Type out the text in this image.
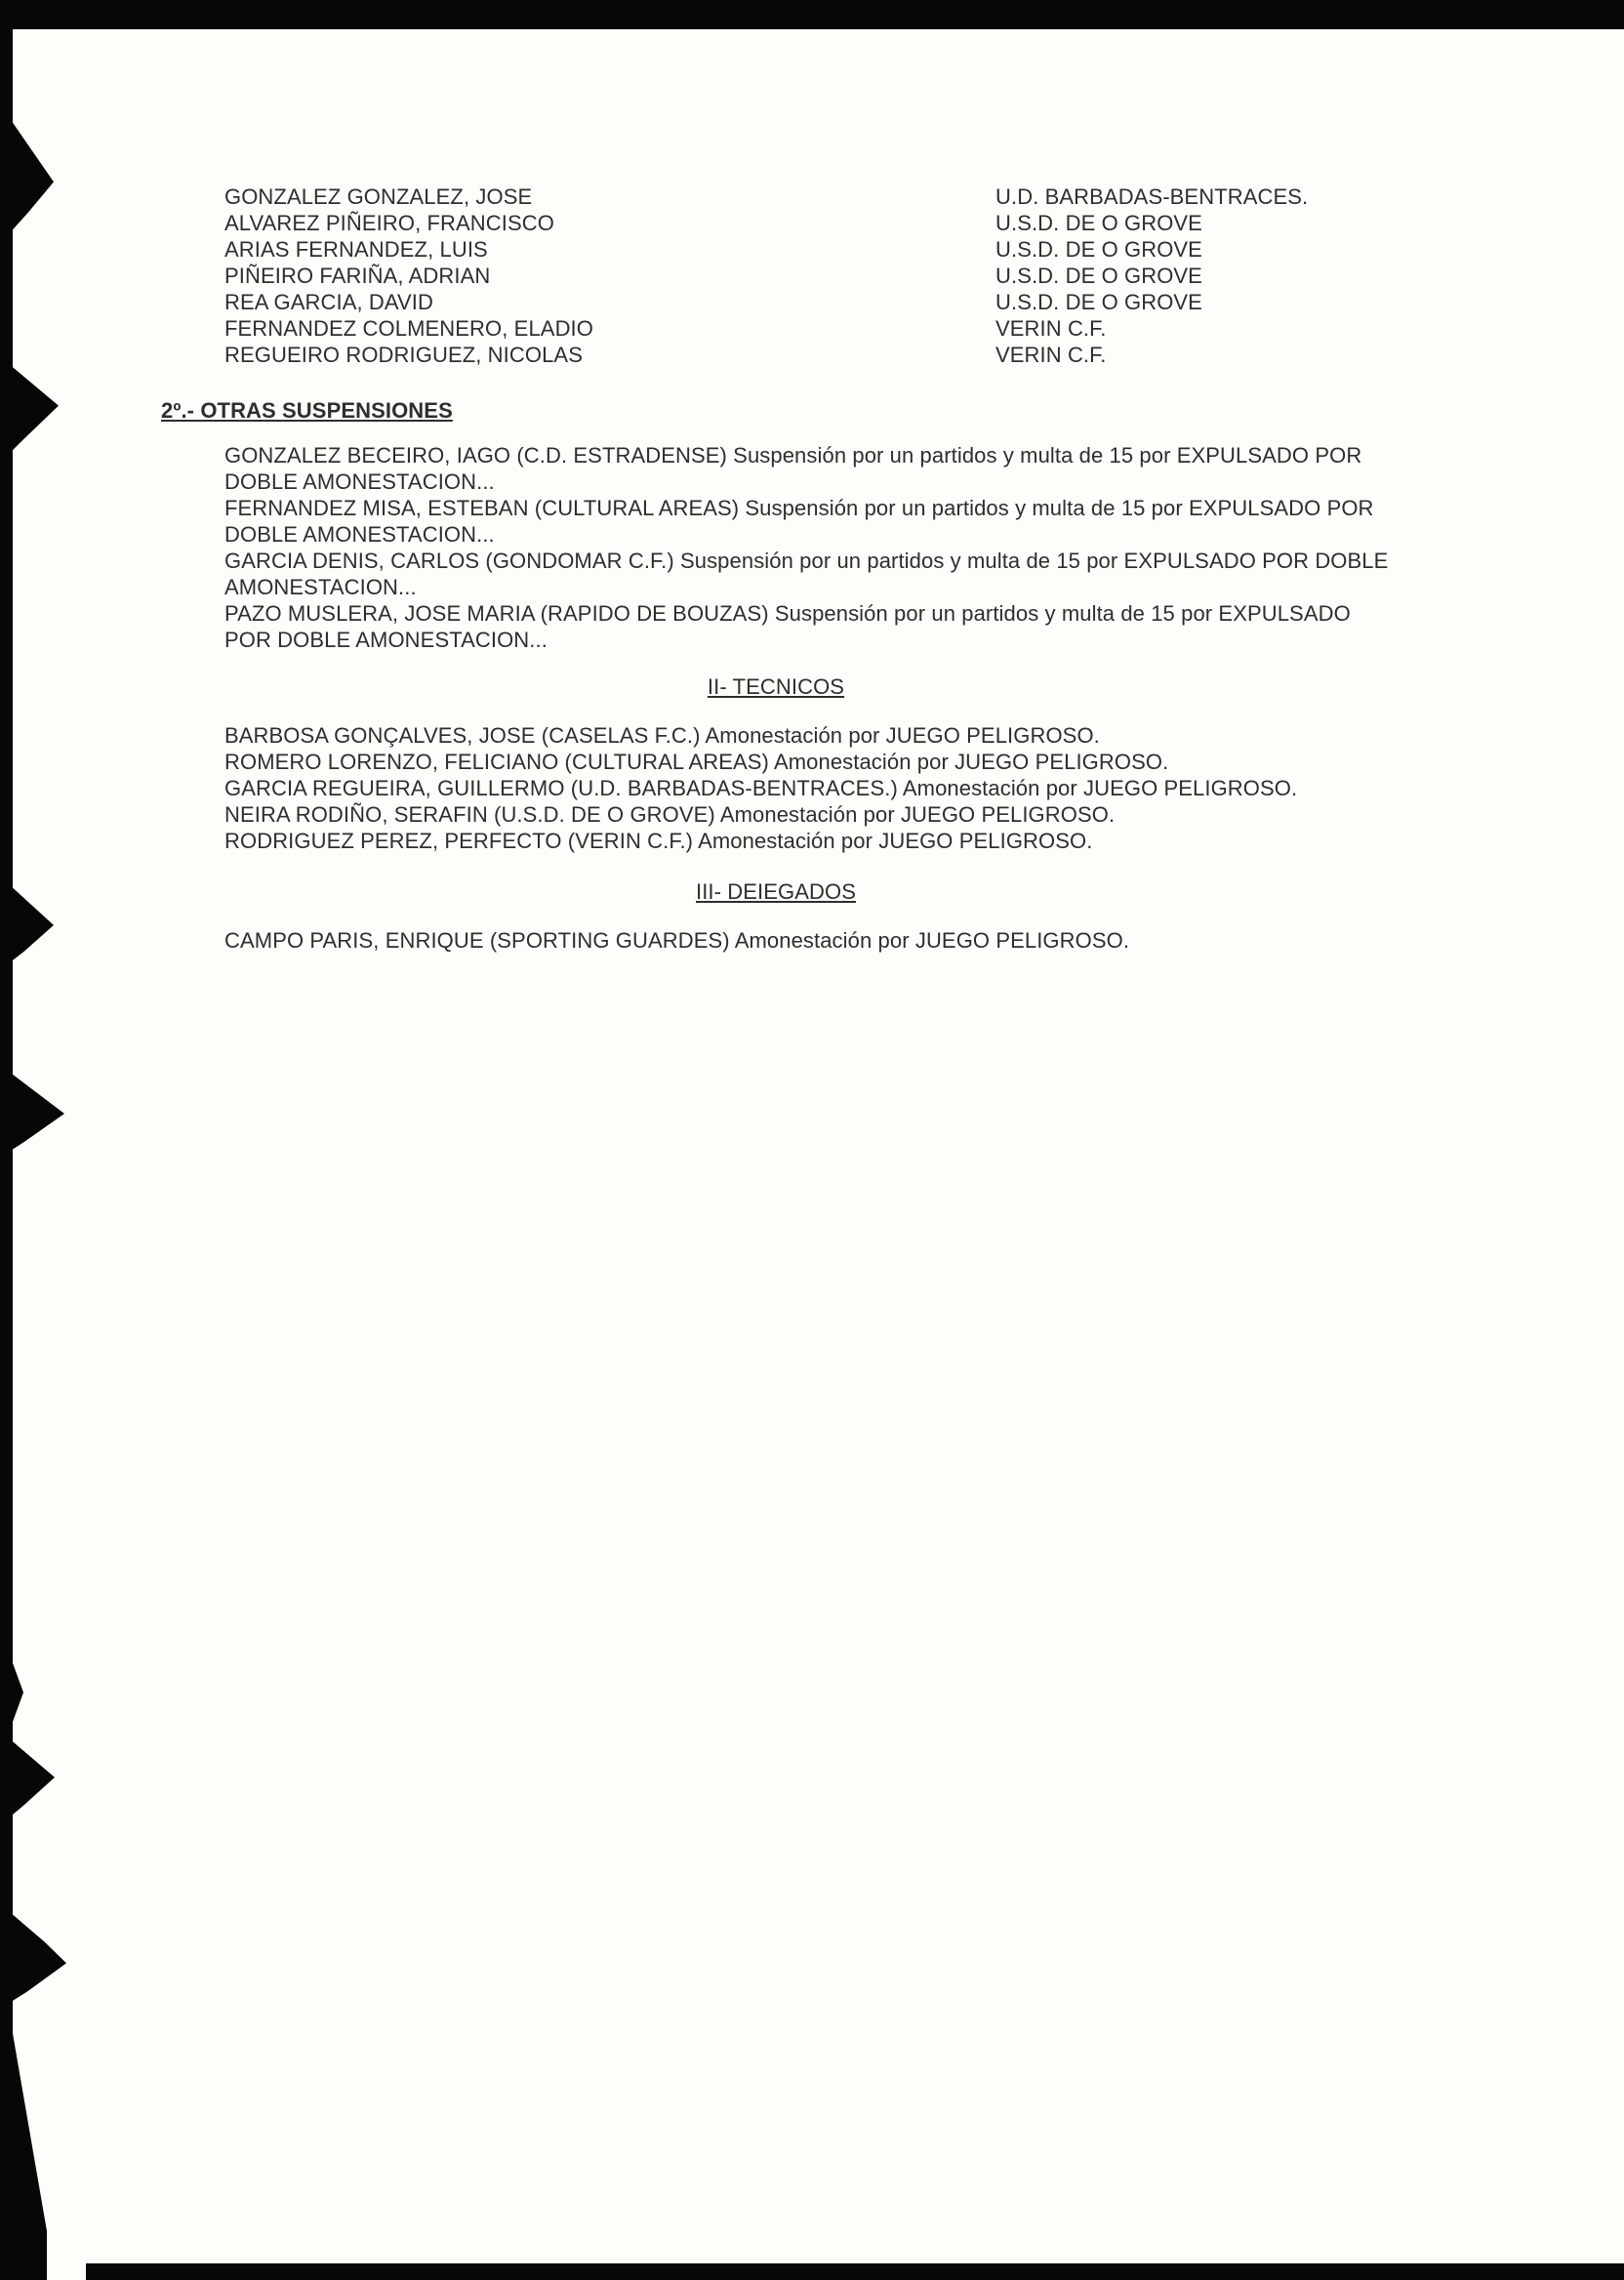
GONZALEZ GONZALEZ, JOSE	U.D. BARBADAS-BENTRACES.
ALVAREZ PIÑEIRO, FRANCISCO	U.S.D. DE O GROVE
ARIAS FERNANDEZ, LUIS	U.S.D. DE O GROVE
PIÑEIRO FARIÑA, ADRIAN	U.S.D. DE O GROVE
REA GARCIA, DAVID	U.S.D. DE O GROVE
FERNANDEZ COLMENERO, ELADIO	VERIN C.F.
REGUEIRO RODRIGUEZ, NICOLAS	VERIN C.F.
2º.- OTRAS SUSPENSIONES
GONZALEZ BECEIRO, IAGO (C.D. ESTRADENSE) Suspensión por un partidos y multa de 15 por EXPULSADO POR
DOBLE AMONESTACION...
FERNANDEZ MISA, ESTEBAN (CULTURAL AREAS) Suspensión por un partidos y multa de 15 por EXPULSADO POR
DOBLE AMONESTACION...
GARCIA DENIS, CARLOS (GONDOMAR C.F.) Suspensión por un partidos y multa de 15 por EXPULSADO POR DOBLE
AMONESTACION...
PAZO MUSLERA, JOSE MARIA (RAPIDO DE BOUZAS) Suspensión por un partidos y multa de 15 por EXPULSADO
POR DOBLE AMONESTACION...
II- TECNICOS
BARBOSA GONÇALVES, JOSE (CASELAS F.C.) Amonestación por JUEGO PELIGROSO.
ROMERO LORENZO, FELICIANO (CULTURAL AREAS) Amonestación por JUEGO PELIGROSO.
GARCIA REGUEIRA, GUILLERMO (U.D. BARBADAS-BENTRACES.) Amonestación por JUEGO PELIGROSO.
NEIRA RODIÑO, SERAFIN (U.S.D. DE O GROVE) Amonestación por JUEGO PELIGROSO.
RODRIGUEZ PEREZ, PERFECTO (VERIN C.F.) Amonestación por JUEGO PELIGROSO.
III- DEIEGADOS
CAMPO PARIS, ENRIQUE (SPORTING GUARDES) Amonestación por JUEGO PELIGROSO.
